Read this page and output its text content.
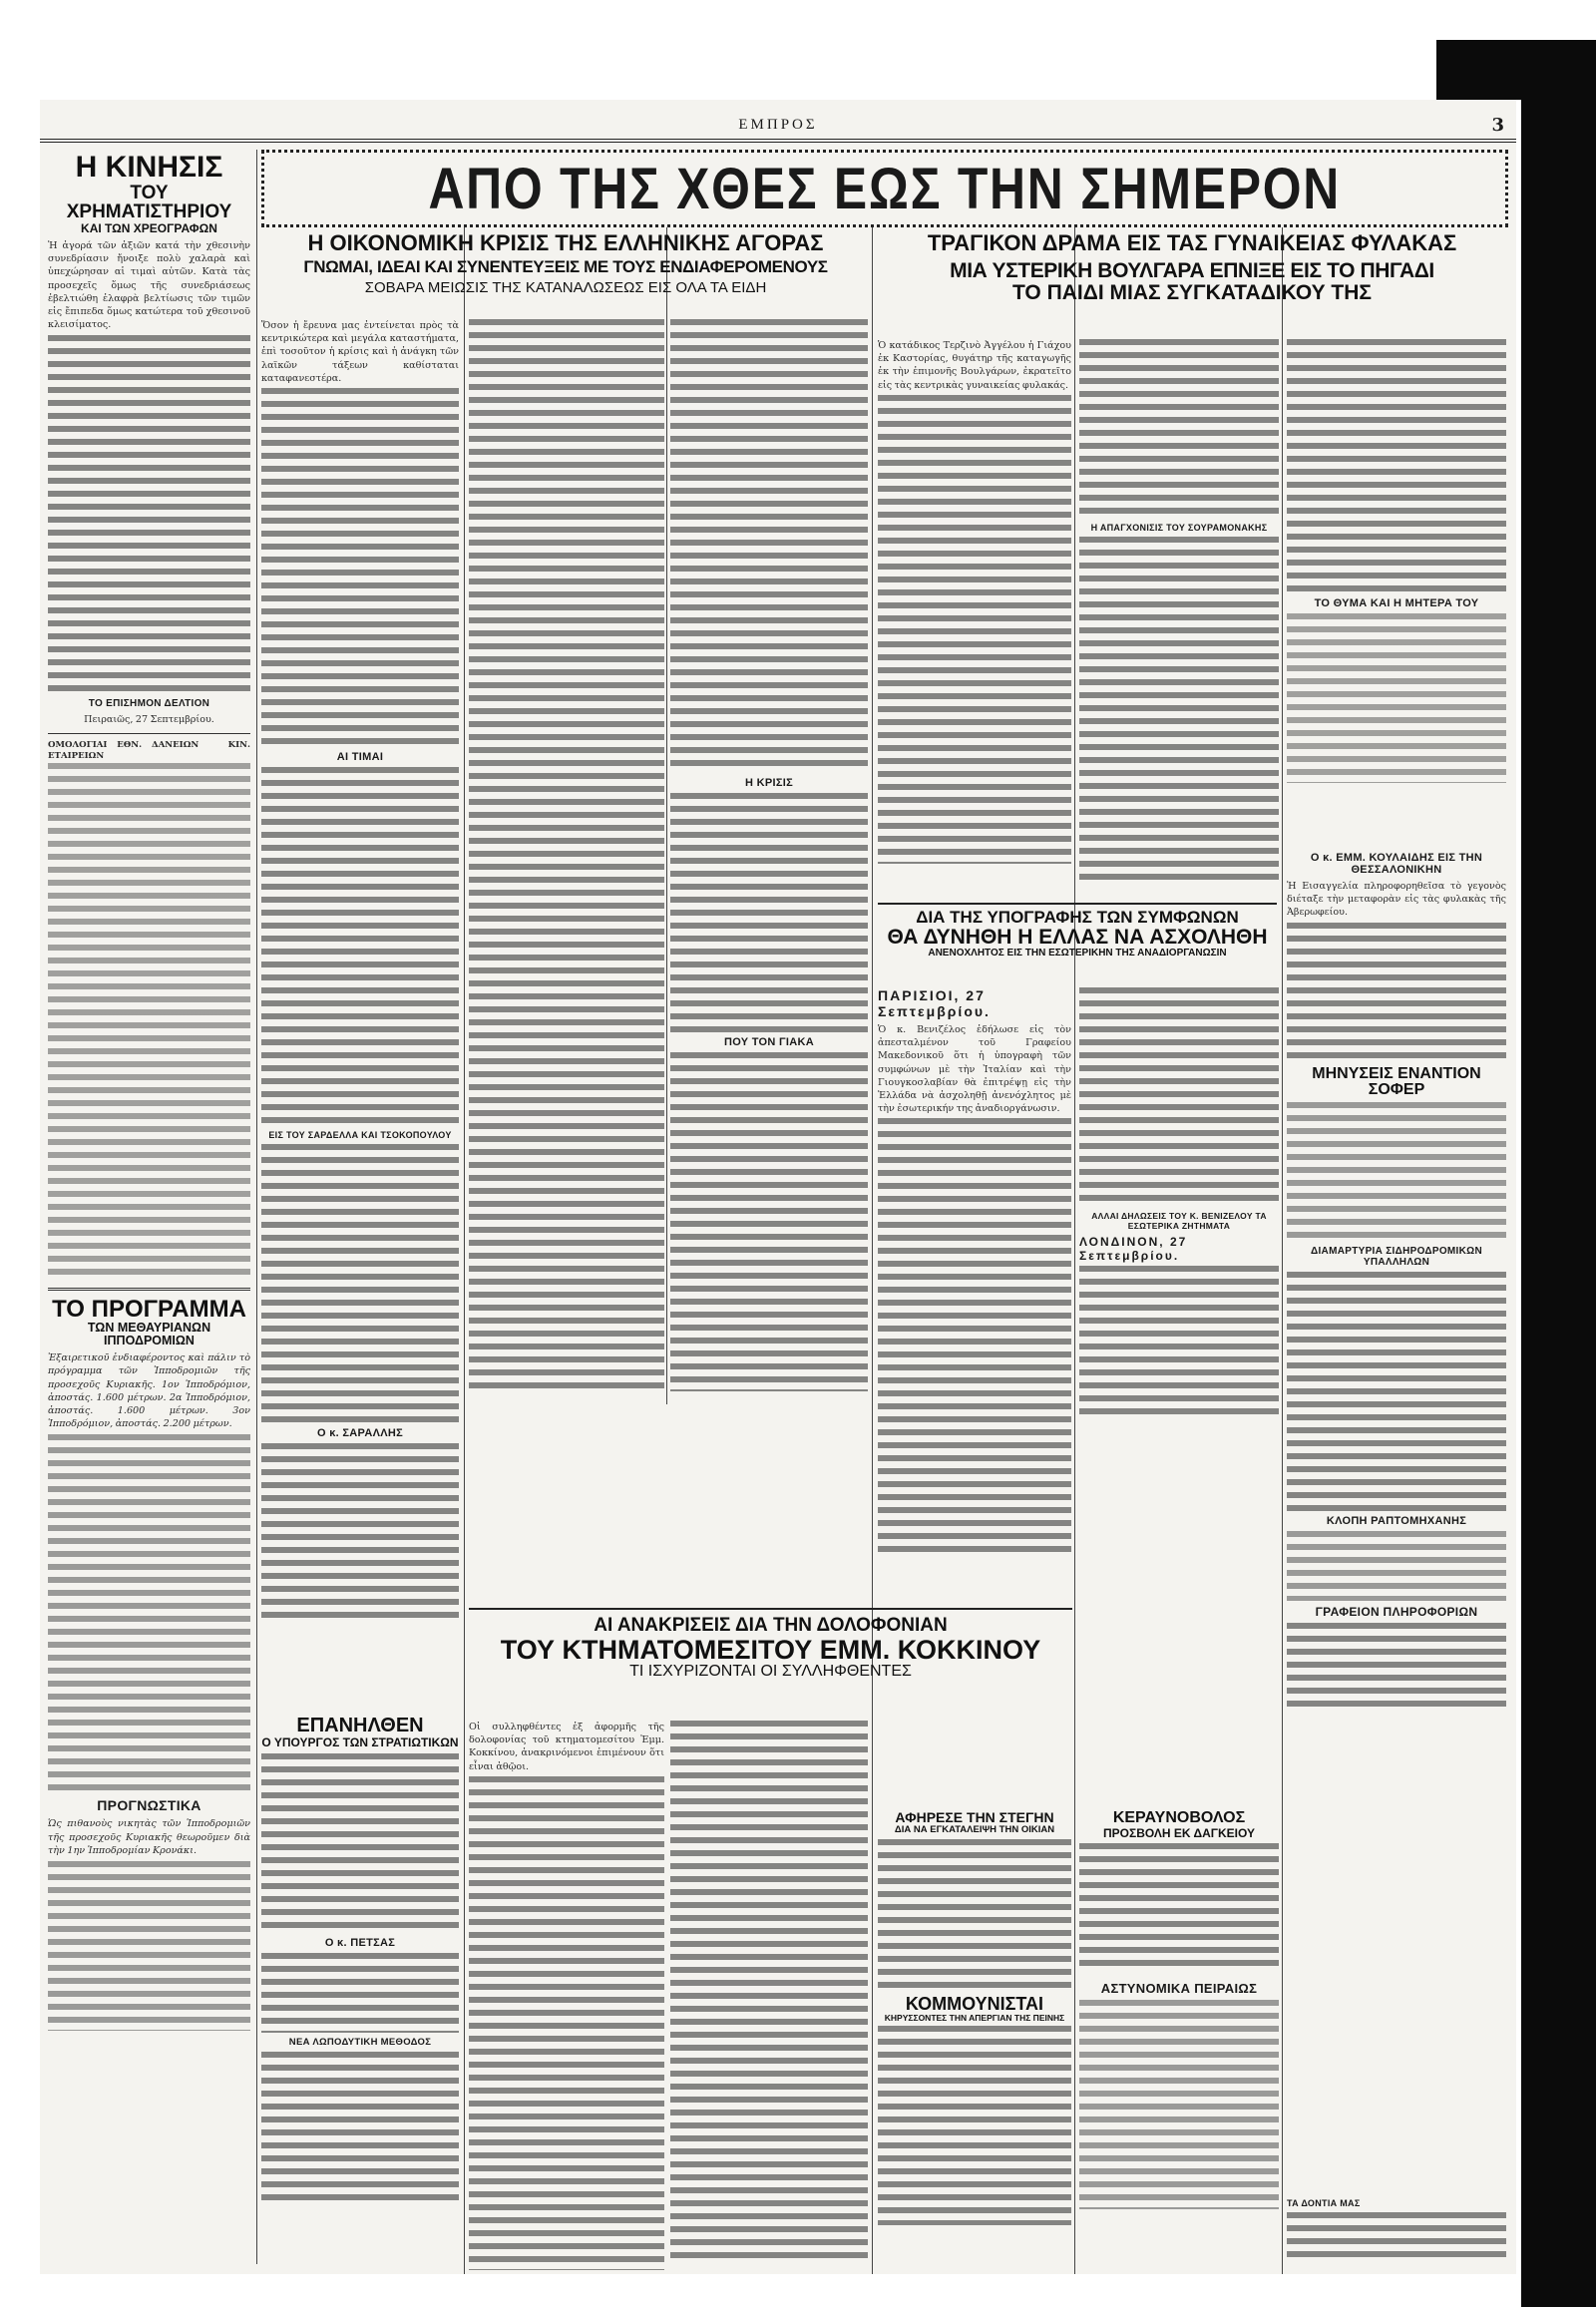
ΕΜΠΡΟΣ	3
ΑΠΟ ΤΗΣ ΧΘΕΣ ΕΩΣ ΤΗΝ ΣΗΜΕΡΟΝ
Η ΚΙΝΗΣΙΣ
ΤΟΥ ΧΡΗΜΑΤΙΣΤΗΡΙΟΥ
ΚΑΙ ΤΩΝ ΧΡΕΟΓΡΑΦΩΝ
Ἡ ἀγορά τῶν ἀξιῶν κατά τὴν χθεσινὴν συνεδρίασιν ἤνοιξε πολὺ χαλαρὰ καὶ ὑπεχώρησαν αἱ τιμαὶ αὐτῶν. Κατὰ τὰς προσεχεῖς ὅμως τῆς συνεδριάσεως ἐβελτιώθη ἐλαφρὰ βελτίωσις τῶν τιμῶν εἰς ἔπιπεδα ὅμως κατώτερα τοῦ χθεσινοῦ κλεισίματος.
ΤΟ ΕΠΙΣΗΜΟΝ ΔΕΛΤΙΟΝ
Πειραιῶς, 27 Σεπτεμβρίου.
ΟΜΟΛΟΓΙΑΙ ΕΘΝ. ΔΑΝΕΙΩΝ	ΚΙΝ. ΕΤΑΙΡΕΙΩΝ
ΤΟ ΠΡΟΓΡΑΜΜΑ
ΤΩΝ ΜΕΘΑΥΡΙΑΝΩΝ ΙΠΠΟΔΡΟΜΙΩΝ
Ἐξαιρετικοῦ ἐνδιαφέροντος καὶ πάλιν τὸ πρόγραμμα τῶν Ἱπποδρομιῶν τῆς προσεχοῦς Κυριακῆς. 1ον Ἱπποδρόμιον, ἀποστάς. 1.600 μέτρων. 2α Ἱπποδρόμιον, ἀποστάς. 1.600 μέτρων. 3ον Ἱπποδρόμιον, ἀποστάς. 2.200 μέτρων.
ΠΡΟΓΝΩΣΤΙΚΑ
Ὡς πιθανοὺς νικητὰς τῶν Ἱπποδρομιῶν τῆς προσεχοῦς Κυριακῆς θεωροῦμεν διὰ τὴν 1ην Ἱπποδρομίαν Κρονάκι.
Η ΟΙΚΟΝΟΜΙΚΗ ΚΡΙΣΙΣ ΤΗΣ ΕΛΛΗΝΙΚΗΣ ΑΓΟΡΑΣ
ΓΝΩΜΑΙ, ΙΔΕΑΙ ΚΑΙ ΣΥΝΕΝΤΕΥΞΕΙΣ ΜΕ ΤΟΥΣ ΕΝΔΙΑΦΕΡΟΜΕΝΟΥΣ
ΣΟΒΑΡΑ ΜΕΙΩΣΙΣ ΤΗΣ ΚΑΤΑΝΑΛΩΣΕΩΣ ΕΙΣ ΟΛΑ ΤΑ ΕΙΔΗ
Ὅσον ἡ ἔρευνα μας ἐντείνεται πρὸς τὰ κεντρικώτερα καὶ μεγάλα καταστήματα, ἐπὶ τοσοῦτον ἡ κρίσις καὶ ἡ ἀνάγκη τῶν λαϊκῶν τάξεων καθίσταται καταφανεστέρα.
ΑΙ ΤΙΜΑΙ
ΕΙΣ ΤΟΥ ΣΑΡΔΕΛΛΑ ΚΑΙ ΤΣΟΚΟΠΟΥΛΟΥ
Ο κ. ΣΑΡΑΛΛΗΣ
Η ΚΡΙΣΙΣ
ΠΟΥ ΤΟΝ ΓΙΑΚΑ
ΤΡΑΓΙΚΟΝ ΔΡΑΜΑ ΕΙΣ ΤΑΣ ΓΥΝΑΙΚΕΙΑΣ ΦΥΛΑΚΑΣ
ΜΙΑ ΥΣΤΕΡΙΚΗ ΒΟΥΛΓΑΡΑ ΕΠΝΙΞΕ ΕΙΣ ΤΟ ΠΗΓΑΔΙ
ΤΟ ΠΑΙΔΙ ΜΙΑΣ ΣΥΓΚΑΤΑΔΙΚΟΥ ΤΗΣ
Ὁ κατάδικος Τερζινὸ Ἀγγέλου ἡ Γιάχου ἐκ Καστορίας, θυγάτηρ τῆς καταγωγῆς ἐκ τὴν ἐπιμονῆς Βουλγάρων, ἐκρατεῖτο εἰς τὰς κεντρικὰς γυναικείας φυλακάς.
Η ΑΠΑΓΧΟΝΙΣΙΣ ΤΟΥ ΣΟΥΡΑΜΟΝΑΚΗΣ
ΤΟ ΘΥΜΑ ΚΑΙ Η ΜΗΤΕΡΑ ΤΟΥ
ΔΙΑ ΤΗΣ ΥΠΟΓΡΑΦΗΣ ΤΩΝ ΣΥΜΦΩΝΩΝ
ΘΑ ΔΥΝΗΘΗ Η ΕΛΛΑΣ ΝΑ ΑΣΧΟΛΗΘΗ
ΑΝΕΝΟΧΛΗΤΟΣ ΕΙΣ ΤΗΝ ΕΣΩΤΕΡΙΚΗΝ ΤΗΣ ΑΝΑΔΙΟΡΓΑΝΩΣΙΝ
ΠΑΡΙΣΙΟΙ, 27 Σεπτεμβρίου.
Ὁ κ. Βενιζέλος ἐδήλωσε εἰς τὸν ἀπεσταλμένον τοῦ Γραφείου Μακεδονικοῦ ὅτι ἡ ὑπογραφὴ τῶν συμφώνων μὲ τὴν Ἰταλίαν καὶ τὴν Γιουγκοσλαβίαν θὰ ἐπιτρέψῃ εἰς τὴν Ἑλλάδα νὰ ἀσχοληθῇ ἀνενόχλητος μὲ τὴν ἐσωτερικήν της ἀναδιοργάνωσιν.
ΑΛΛΑΙ ΔΗΛΩΣΕΙΣ ΤΟΥ Κ. ΒΕΝΙΖΕΛΟΥ ΤΑ ΕΣΩΤΕΡΙΚΑ ΖΗΤΗΜΑΤΑ
ΛΟΝΔΙΝΟΝ, 27 Σεπτεμβρίου.
Ο κ. ΕΜΜ. ΚΟΥΛΑΙΔΗΣ ΕΙΣ ΤΗΝ ΘΕΣΣΑΛΟΝΙΚΗΝ
Ἡ Εισαγγελία πληροφορηθεῖσα τὸ γεγονὸς διέταξε τὴν μεταφορὰν εἰς τὰς φυλακὰς τῆς Ἀβερωφείου.
ΜΗΝΥΣΕΙΣ ΕΝΑΝΤΙΟΝ ΣΟΦΕΡ
ΔΙΑΜΑΡΤΥΡΙΑ ΣΙΔΗΡΟΔΡΟΜΙΚΩΝ ΥΠΑΛΛΗΛΩΝ
ΚΛΟΠΗ ΡΑΠΤΟΜΗΧΑΝΗΣ
ΓΡΑΦΕΙΟΝ ΠΛΗΡΟΦΟΡΙΩΝ
ΕΠΑΝΗΛΘΕΝ
Ο ΥΠΟΥΡΓΟΣ ΤΩΝ ΣΤΡΑΤΙΩΤΙΚΩΝ
Ο κ. ΠΕΤΣΑΣ
ΝΕΑ ΛΩΠΟΔΥΤΙΚΗ ΜΕΘΟΔΟΣ
ΑΙ ΑΝΑΚΡΙΣΕΙΣ ΔΙΑ ΤΗΝ ΔΟΛΟΦΟΝΙΑΝ
ΤΟΥ ΚΤΗΜΑΤΟΜΕΣΙΤΟΥ ΕΜΜ. ΚΟΚΚΙΝΟΥ
ΤΙ ΙΣΧΥΡΙΖΟΝΤΑΙ ΟΙ ΣΥΛΛΗΦΘΕΝΤΕΣ
Οἱ συλληφθέντες ἐξ ἀφορμῆς τῆς δολοφονίας τοῦ κτηματομεσίτου Ἐμμ. Κοκκίνου, ἀνακρινόμενοι ἐπιμένουν ὅτι εἶναι ἀθῷοι.
ΑΦΗΡΕΣΕ ΤΗΝ ΣΤΕΓΗΝ
ΔΙΑ ΝΑ ΕΓΚΑΤΑΛΕΙΨΗ ΤΗΝ ΟΙΚΙΑΝ
ΚΟΜΜΟΥΝΙΣΤΑΙ
ΚΗΡΥΣΣΟΝΤΕΣ ΤΗΝ ΑΠΕΡΓΙΑΝ ΤΗΣ ΠΕΙΝΗΣ
ΚΕΡΑΥΝΟΒΟΛΟΣ
ΠΡΟΣΒΟΛΗ ΕΚ ΔΑΓΚΕΙΟΥ
ΑΣΤΥΝΟΜΙΚΑ ΠΕΙΡΑΙΩΣ
ΤΑ ΔΟΝΤΙΑ ΜΑΣ
